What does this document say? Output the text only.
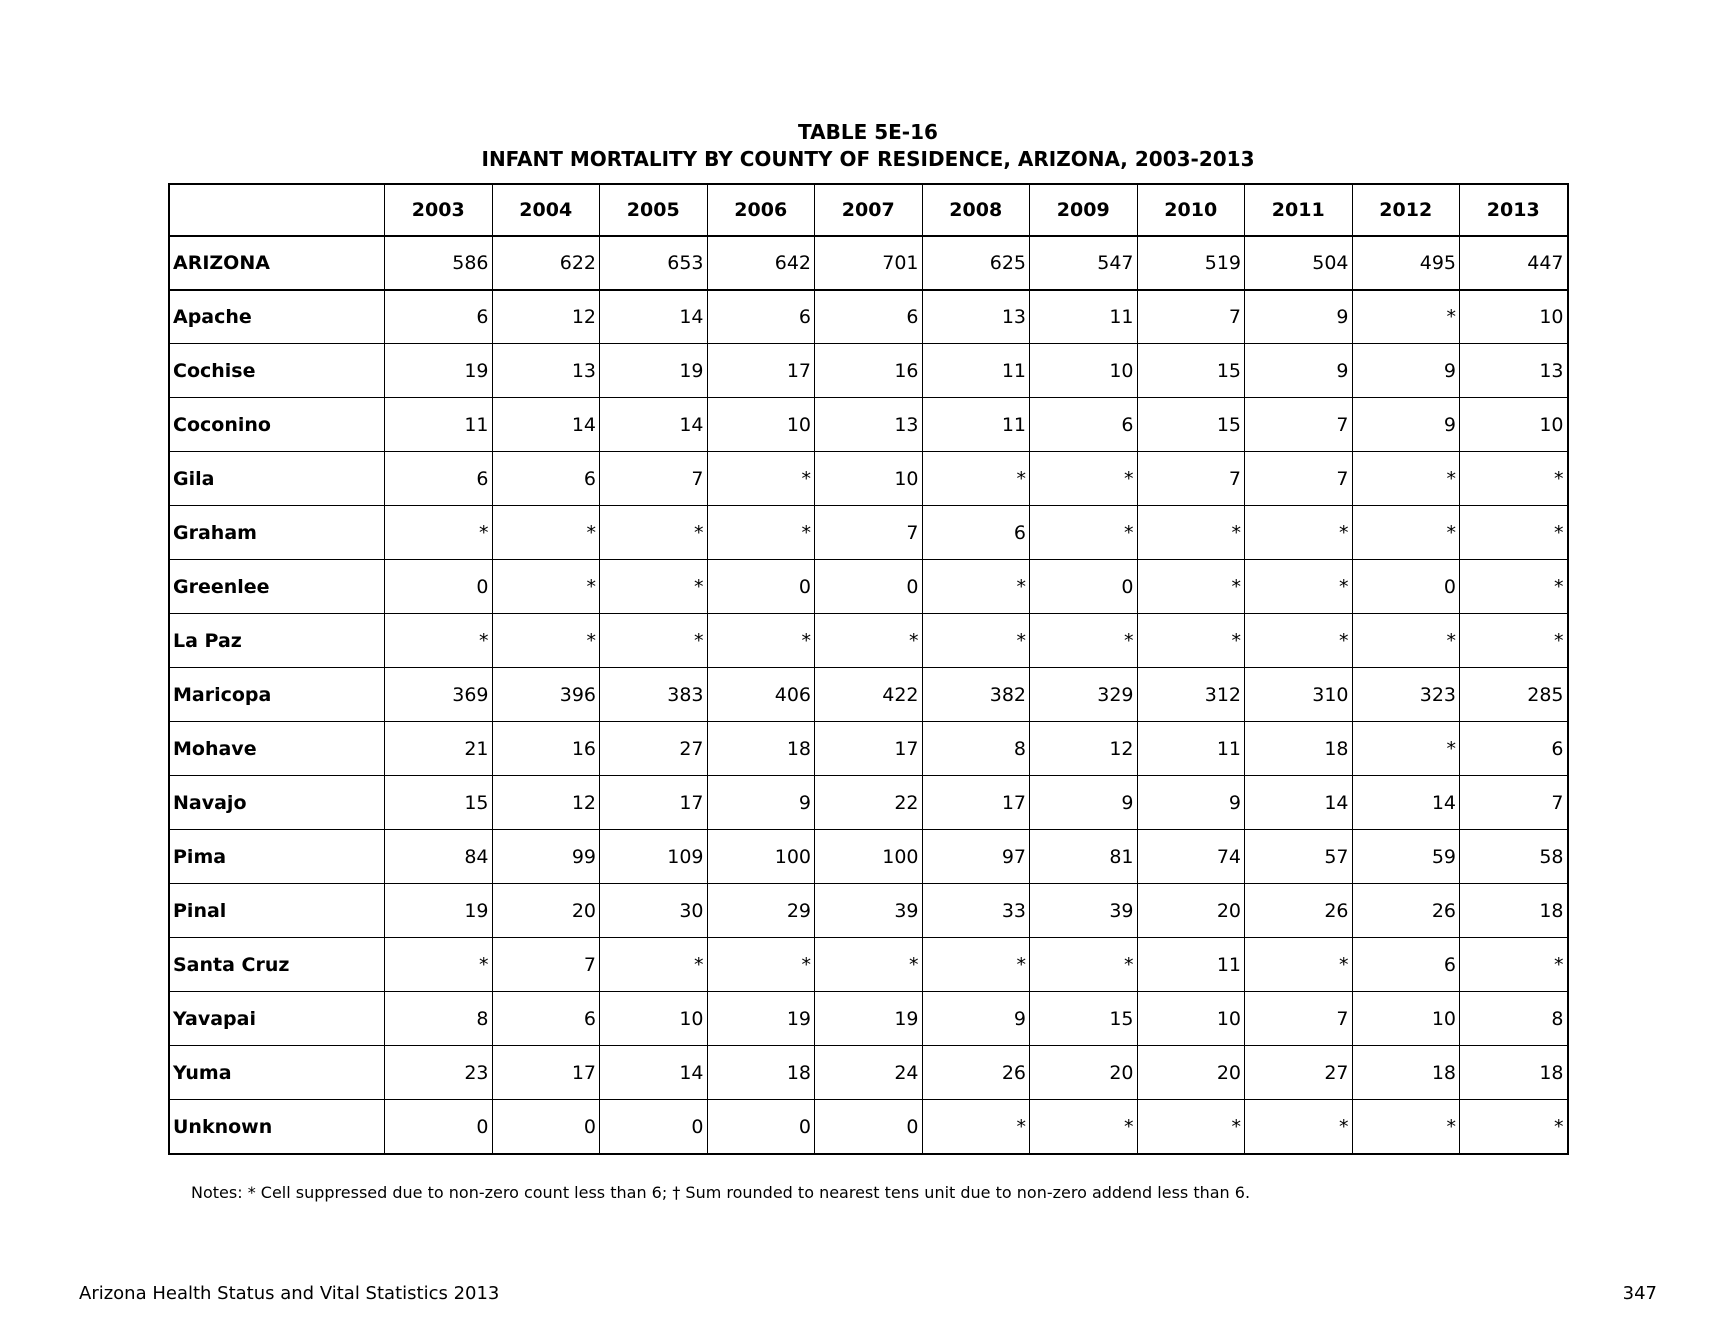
TABLE 5E-16
INFANT MORTALITY BY COUNTY OF RESIDENCE, ARIZONA, 2003-2013
	2003	2004	2005	2006	2007	2008	2009	2010	2011	2012	2013
ARIZONA	586	622	653	642	701	625	547	519	504	495	447
Apache	6	12	14	6	6	13	11	7	9	*	10
Cochise	19	13	19	17	16	11	10	15	9	9	13
Coconino	11	14	14	10	13	11	6	15	7	9	10
Gila	6	6	7	*	10	*	*	7	7	*	*
Graham	*	*	*	*	7	6	*	*	*	*	*
Greenlee	0	*	*	0	0	*	0	*	*	0	*
La Paz	*	*	*	*	*	*	*	*	*	*	*
Maricopa	369	396	383	406	422	382	329	312	310	323	285
Mohave	21	16	27	18	17	8	12	11	18	*	6
Navajo	15	12	17	9	22	17	9	9	14	14	7
Pima	84	99	109	100	100	97	81	74	57	59	58
Pinal	19	20	30	29	39	33	39	20	26	26	18
Santa Cruz	*	7	*	*	*	*	*	11	*	6	*
Yavapai	8	6	10	19	19	9	15	10	7	10	8
Yuma	23	17	14	18	24	26	20	20	27	18	18
Unknown	0	0	0	0	0	*	*	*	*	*	*
Notes: * Cell suppressed due to non-zero count less than 6; † Sum rounded to nearest tens unit due to non-zero addend less than 6.
Arizona Health Status and Vital Statistics 2013	347
